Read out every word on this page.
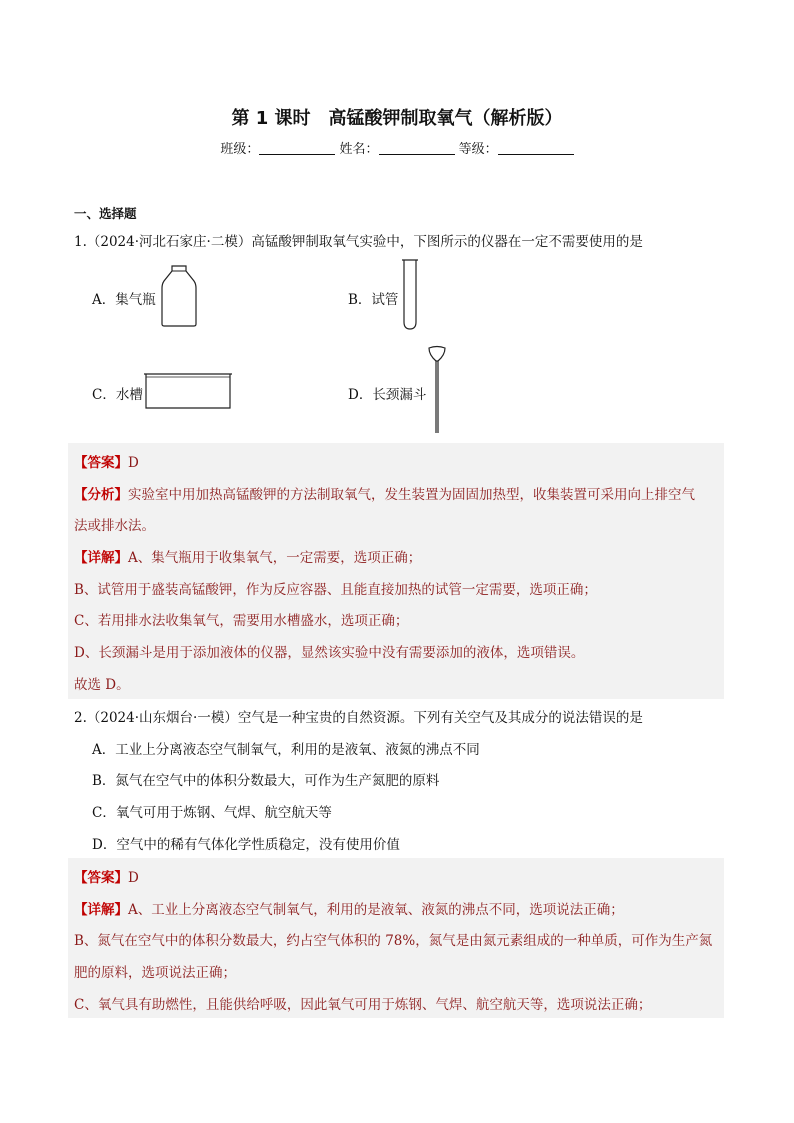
第 1 课时　高锰酸钾制取氧气（解析版）
班级：	姓名：	等级：
一、选择题
1.（2024·河北石家庄·二模）高锰酸钾制取氧气实验中，下图所示的仪器在一定不需要使用的是
A．集气瓶	B．试管
C．水槽	D．长颈漏斗
【答案】D
【分析】实验室中用加热高锰酸钾的方法制取氧气，发生装置为固固加热型，收集装置可采用向上排空气
法或排水法。
【详解】A、集气瓶用于收集氧气，一定需要，选项正确；
B、试管用于盛装高锰酸钾，作为反应容器、且能直接加热的试管一定需要，选项正确；
C、若用排水法收集氧气，需要用水槽盛水，选项正确；
D、长颈漏斗是用于添加液体的仪器，显然该实验中没有需要添加的液体，选项错误。
故选 D。
2.（2024·山东烟台·一模）空气是一种宝贵的自然资源。下列有关空气及其成分的说法错误的是
A．工业上分离液态空气制氧气，利用的是液氧、液氮的沸点不同
B．氮气在空气中的体积分数最大，可作为生产氮肥的原料
C．氧气可用于炼钢、气焊、航空航天等
D．空气中的稀有气体化学性质稳定，没有使用价值
【答案】D
【详解】A、工业上分离液态空气制氧气，利用的是液氧、液氮的沸点不同，选项说法正确；
B、氮气在空气中的体积分数最大，约占空气体积的 78%，氮气是由氮元素组成的一种单质，可作为生产氮
肥的原料，选项说法正确；
C、氧气具有助燃性，且能供给呼吸，因此氧气可用于炼钢、气焊、航空航天等，选项说法正确；
